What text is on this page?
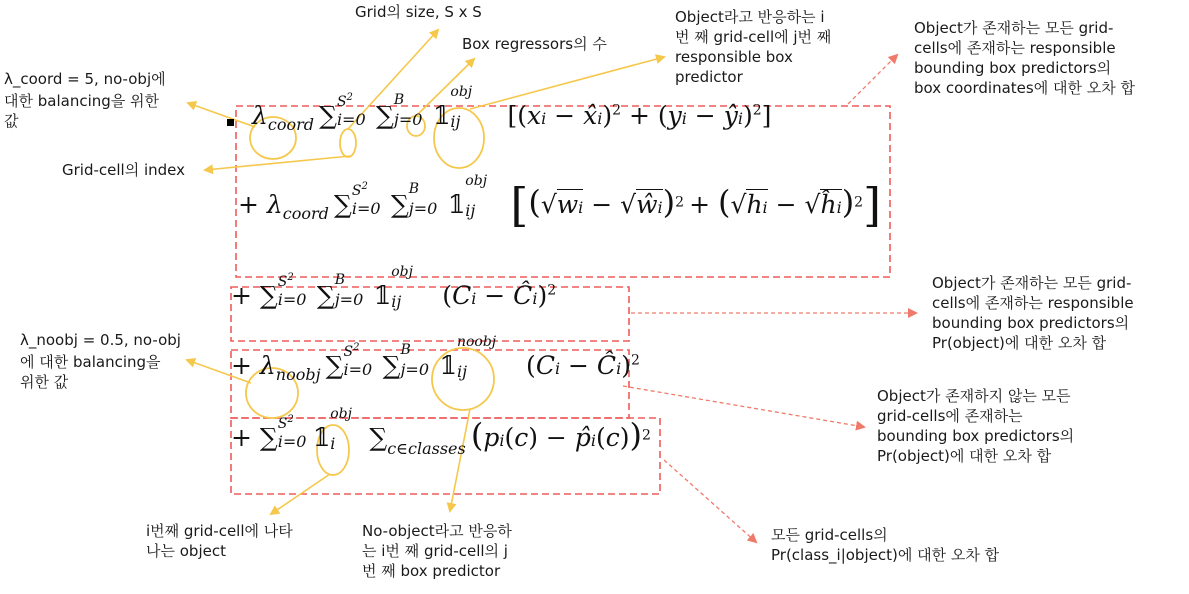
λcoord ∑ $S^2$
i=0 ∑
B
j=0 𝟙
obj
ij [(xi − x̂i)$^2$ + (yi − ŷi)$^2$]
+ λcoord ∑ $S^2$
i=0 ∑
B
j=0 𝟙
obj
ij [(√wi − √ŵi)$^2$ + (√hi − √ĥi)$^2$]
+ ∑ $S^2$
i=0 ∑
B
j=0 𝟙
obj
ij (Ci − Ĉi)$^2$
+ λnoobj ∑ $S^2$
i=0 ∑
B
j=0 𝟙
noobj
ij (Ci − Ĉi)$^2$
+ ∑ $S^2$
i=0 𝟙
obj
i ∑c∈classes (pi(c) − p̂i(c))$^2$
Grid의 size, S x S
Box regressors의 수
Object라고 반응하는 i
번 째 grid-cell에 j번 째
responsible box
predictor
Object가 존재하는 모든 grid-
cells에 존재하는 responsible
bounding box predictors의
box coordinates에 대한 오차 합
λ_coord = 5, no-obj에
대한 balancing을 위한
값
Grid-cell의 index
Object가 존재하는 모든 grid-
cells에 존재하는 responsible
bounding box predictors의
Pr(object)에 대한 오차 합
λ_noobj = 0.5, no-obj
에 대한 balancing을
위한 값
Object가 존재하지 않는 모든
grid-cells에 존재하는
bounding box predictors의
Pr(object)에 대한 오차 합
i번째 grid-cell에 나타
나는 object
No-object라고 반응하
는 i번 째 grid-cell의 j
번 째 box predictor
모든 grid-cells의
Pr(class_i|object)에 대한 오차 합
